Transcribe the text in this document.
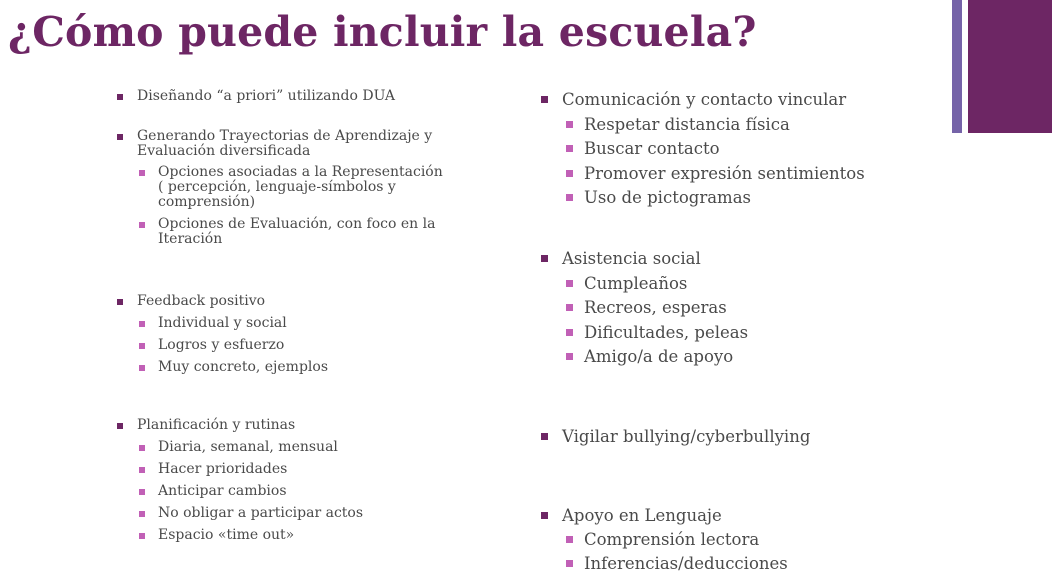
¿Cómo puede incluir la escuela?
Diseñando “a priori” utilizando DUA
Generando Trayectorias de Aprendizaje y
Evaluación diversificada
Opciones asociadas a la Representación
( percepción, lenguaje-símbolos y
comprensión)
Opciones de Evaluación, con foco en la
Iteración
Feedback positivo
Individual y social
Logros y esfuerzo
Muy concreto, ejemplos
Planificación y rutinas
Diaria, semanal, mensual
Hacer prioridades
Anticipar cambios
No obligar a participar actos
Espacio «time out»
Comunicación y contacto vincular
Respetar distancia física
Buscar contacto
Promover expresión sentimientos
Uso de pictogramas
Asistencia social
Cumpleaños
Recreos, esperas
Dificultades, peleas
Amigo/a de apoyo
Vigilar bullying/cyberbullying
Apoyo en Lenguaje
Comprensión lectora
Inferencias/deducciones
